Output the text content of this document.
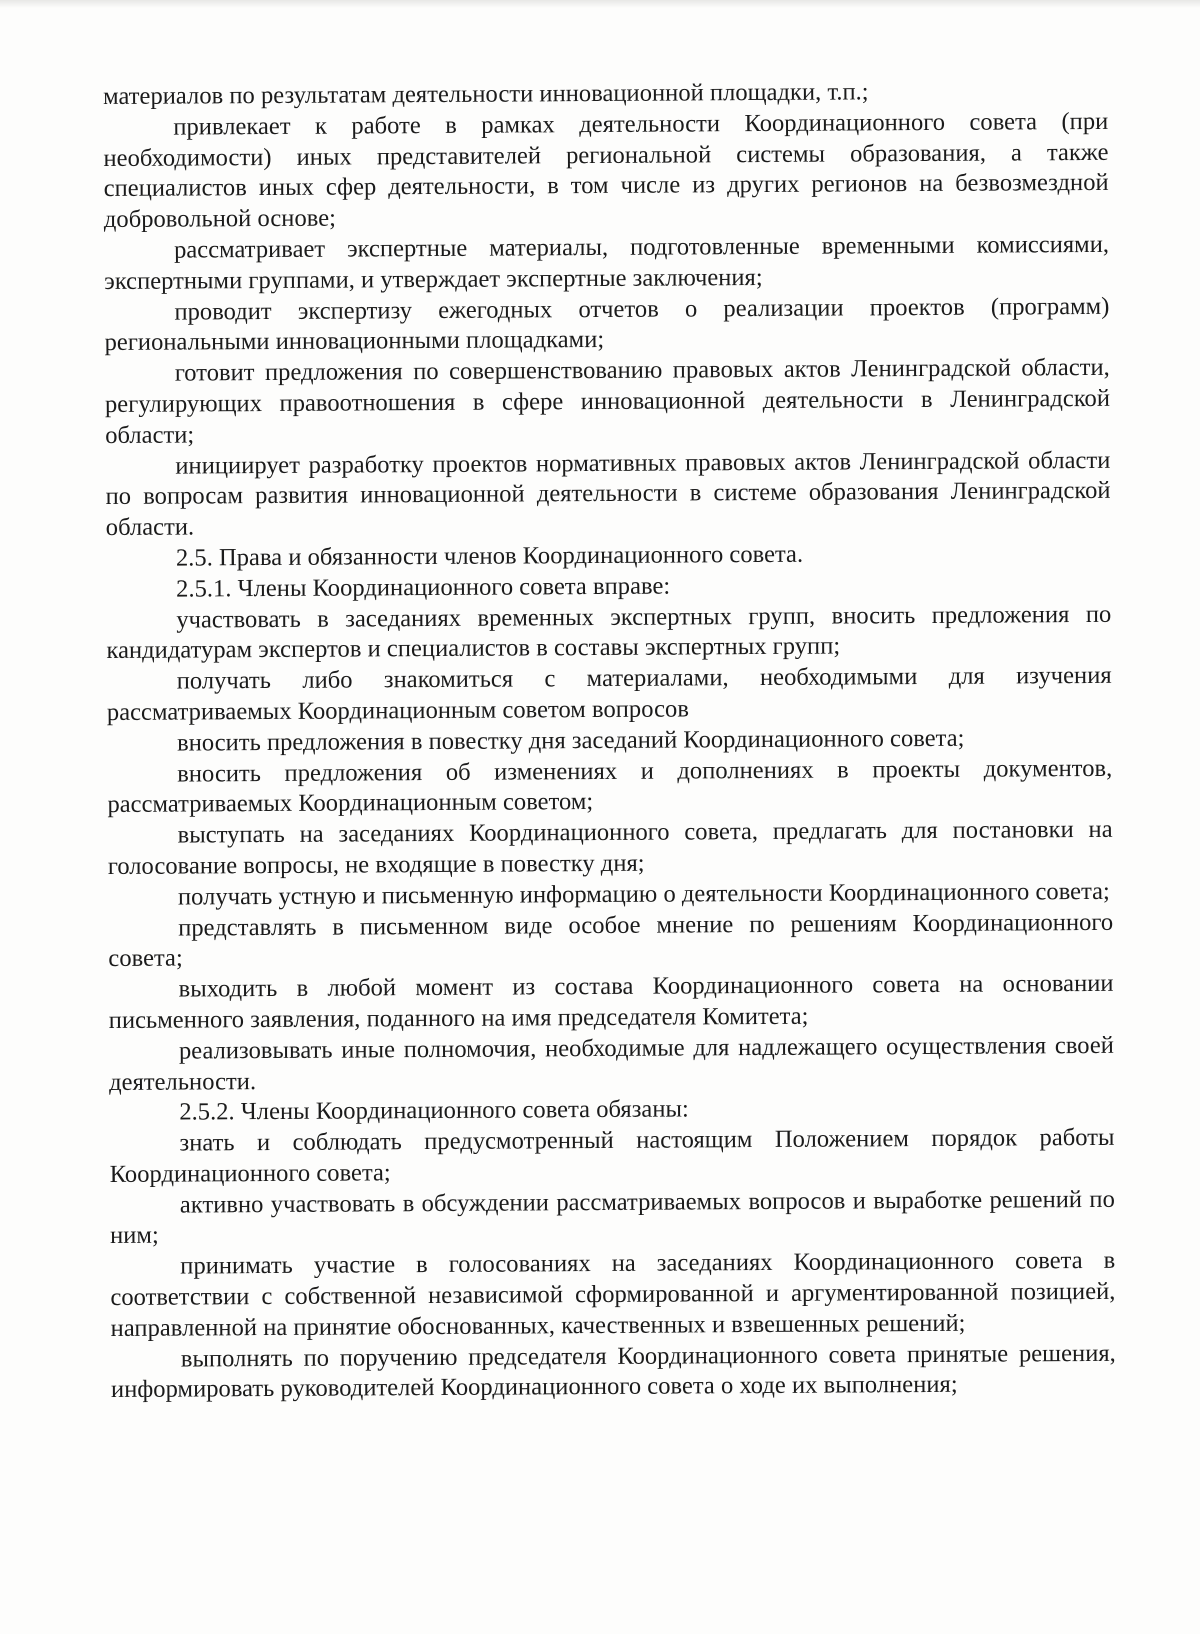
материалов по результатам деятельности инновационной площадки, т.п.;

привлекает к работе в рамках деятельности Координационного совета (при необходимости) иных представителей региональной системы образования, а также специалистов иных сфер деятельности, в том числе из других регионов на безвозмездной добровольной основе;

рассматривает экспертные материалы, подготовленные временными комиссиями, экспертными группами, и утверждает экспертные заключения;

проводит экспертизу ежегодных отчетов о реализации проектов (программ) региональными инновационными площадками;

готовит предложения по совершенствованию правовых актов Ленинградской области, регулирующих правоотношения в сфере инновационной деятельности в Ленинградской области;

инициирует разработку проектов нормативных правовых актов Ленинградской области по вопросам развития инновационной деятельности в системе образования Ленинградской области.

2.5. Права и обязанности членов Координационного совета.

2.5.1. Члены Координационного совета вправе:

участвовать в заседаниях временных экспертных групп, вносить предложения по кандидатурам экспертов и специалистов в составы экспертных групп;

получать либо знакомиться с материалами, необходимыми для изучения рассматриваемых Координационным советом вопросов

вносить предложения в повестку дня заседаний Координационного совета;

вносить предложения об изменениях и дополнениях в проекты документов, рассматриваемых Координационным советом;

выступать на заседаниях Координационного совета, предлагать для постановки на голосование вопросы, не входящие в повестку дня;

получать устную и письменную информацию о деятельности Координационного совета;

представлять в письменном виде особое мнение по решениям Координационного совета;

выходить в любой момент из состава Координационного совета на основании письменного заявления, поданного на имя председателя Комитета;

реализовывать иные полномочия, необходимые для надлежащего осуществления своей деятельности.

2.5.2. Члены Координационного совета обязаны:

знать и соблюдать предусмотренный настоящим Положением порядок работы Координационного совета;

активно участвовать в обсуждении рассматриваемых вопросов и выработке решений по ним;

принимать участие в голосованиях на заседаниях Координационного совета в соответствии с собственной независимой сформированной и аргументированной позицией, направленной на принятие обоснованных, качественных и взвешенных решений;

выполнять по поручению председателя Координационного совета принятые решения, информировать руководителей Координационного совета о ходе их выполнения;
